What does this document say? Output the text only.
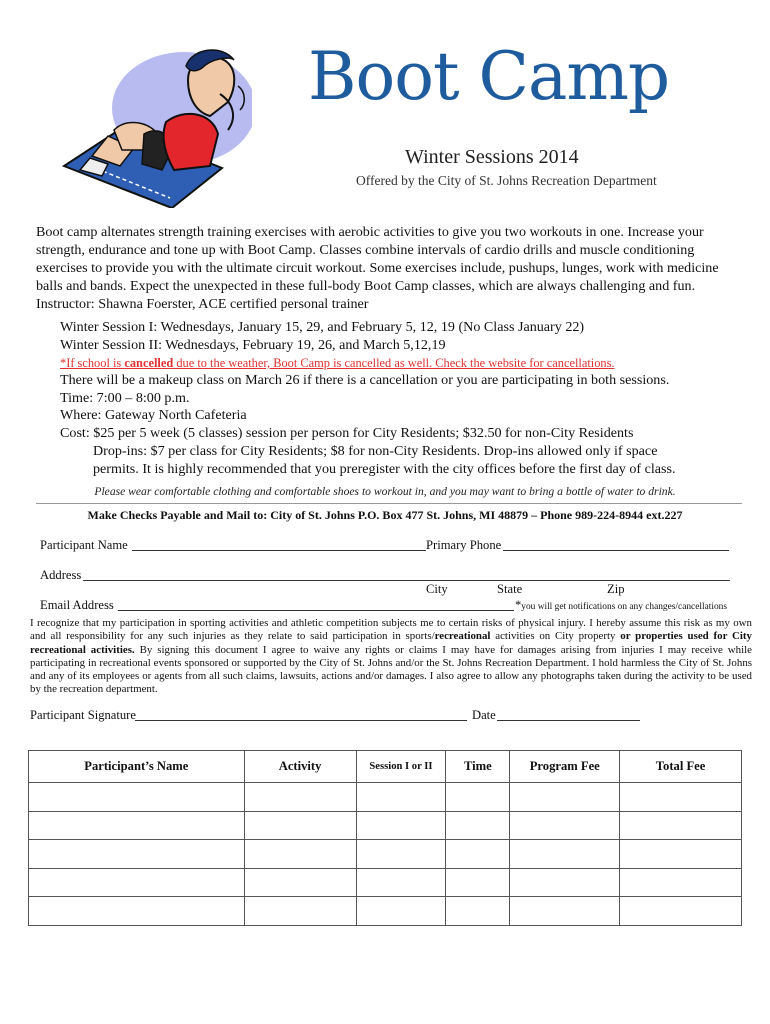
Boot Camp
Winter Sessions 2014
Offered by the City of St. Johns Recreation Department
Boot camp alternates strength training exercises with aerobic activities to give you two workouts in one. Increase your strength, endurance and tone up with Boot Camp. Classes combine intervals of cardio drills and muscle conditioning exercises to provide you with the ultimate circuit workout. Some exercises include, pushups, lunges, work with medicine balls and bands. Expect the unexpected in these full-body Boot Camp classes, which are always challenging and fun. Instructor: Shawna Foerster, ACE certified personal trainer
Winter Session I: Wednesdays, January 15, 29, and February 5, 12, 19 (No Class January 22)
Winter Session II: Wednesdays, February 19, 26, and March 5,12,19
*If school is cancelled due to the weather, Boot Camp is cancelled as well. Check the website for cancellations.
There will be a makeup class on March 26 if there is a cancellation or you are participating in both sessions.
Time: 7:00 – 8:00 p.m.
Where: Gateway North Cafeteria
Cost: $25 per 5 week (5 classes) session per person for City Residents; $32.50 for non-City Residents
Drop-ins: $7 per class for City Residents; $8 for non-City Residents. Drop-ins allowed only if space
permits. It is highly recommended that you preregister with the city offices before the first day of class.
Please wear comfortable clothing and comfortable shoes to workout in, and you may want to bring a bottle of water to drink.
Make Checks Payable and Mail to: City of St. Johns P.O. Box 477 St. Johns, MI 48879 – Phone 989-224-8944 ext.227
Participant Name	Primary Phone
Address
City	State	Zip
Email Address	*you will get notifications on any changes/cancellations
I recognize that my participation in sporting activities and athletic competition subjects me to certain risks of physical injury. I hereby assume this risk as my own and all responsibility for any such injuries as they relate to said participation in sports/recreational activities on City property or properties used for City recreational activities. By signing this document I agree to waive any rights or claims I may have for damages arising from injuries I may receive while participating in recreational events sponsored or supported by the City of St. Johns and/or the St. Johns Recreation Department. I hold harmless the City of St. Johns and any of its employees or agents from all such claims, lawsuits, actions and/or damages. I also agree to allow any photographs taken during the activity to be used by the recreation department.
Participant Signature	Date
Participant’s Name	Activity	Session I or II	Time	Program Fee	Total Fee
